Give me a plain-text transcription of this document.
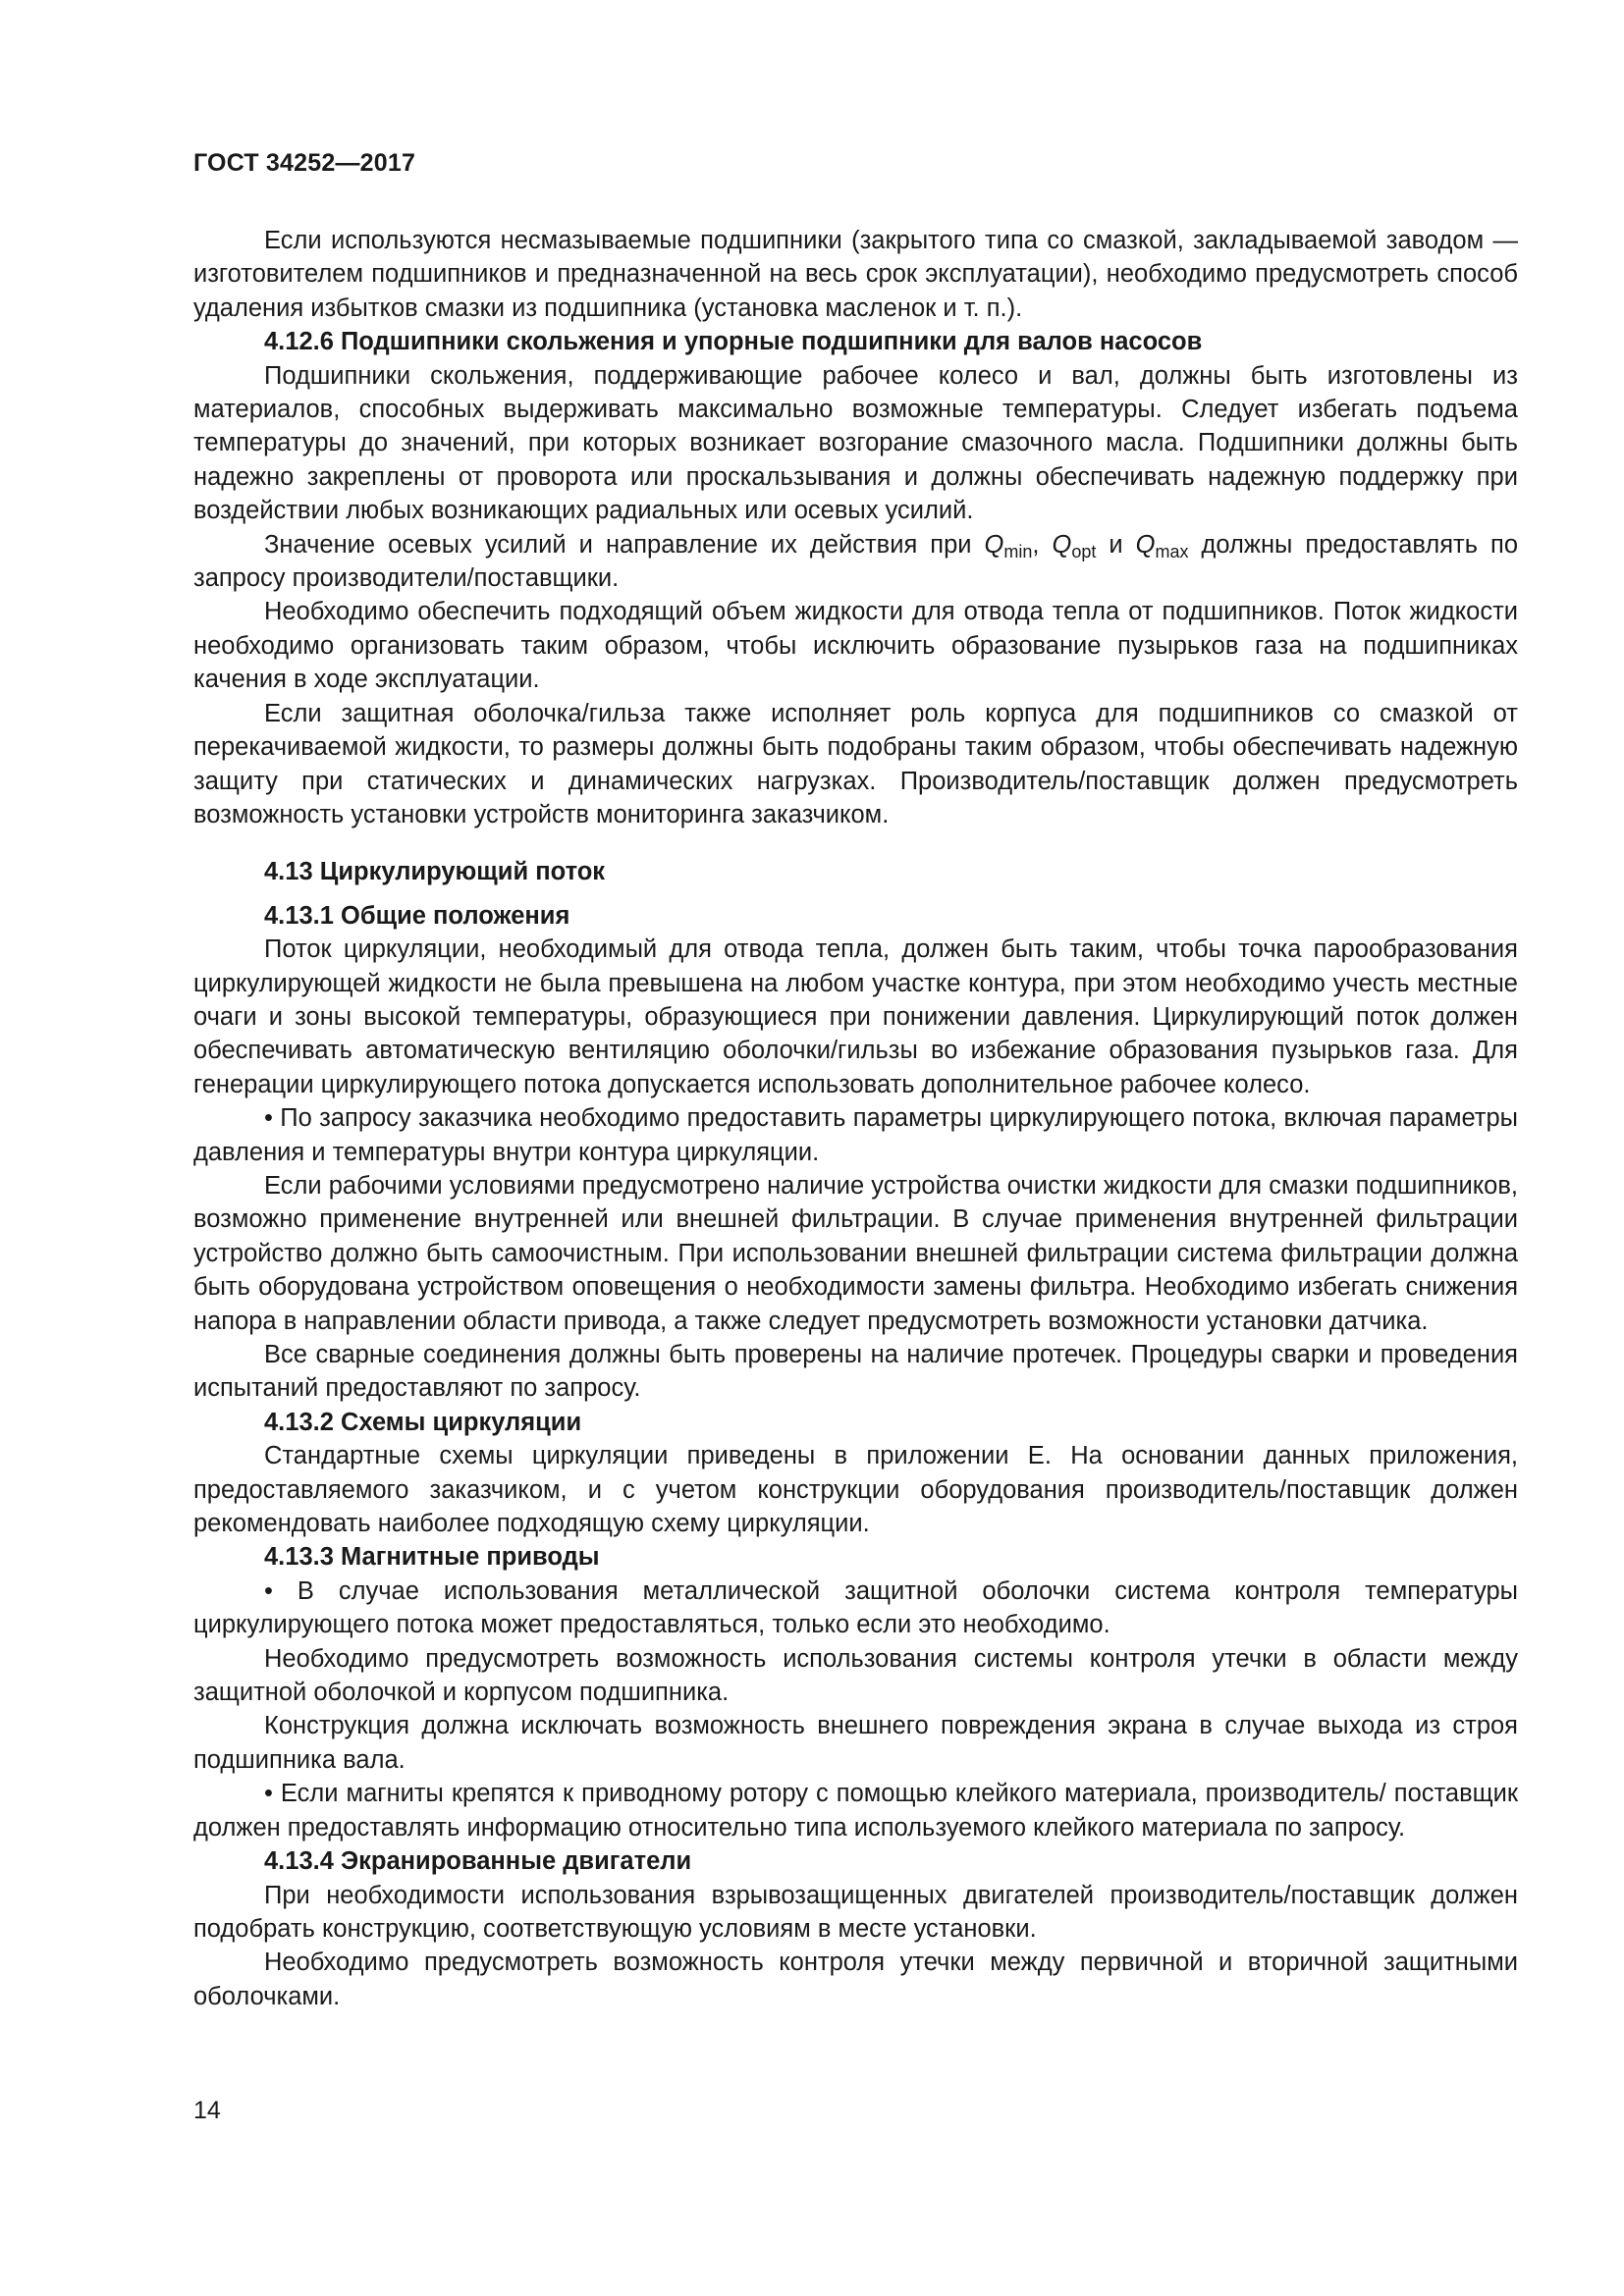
ГОСТ 34252—2017

Если используются несмазываемые подшипники (закрытого типа со смазкой, закладываемой заводом — изготовителем подшипников и предназначенной на весь срок эксплуатации), необходимо предусмотреть способ удаления избытков смазки из подшипника (установка масленок и т. п.).

4.12.6 Подшипники скольжения и упорные подшипники для валов насосов

Подшипники скольжения, поддерживающие рабочее колесо и вал, должны быть изготовлены из материалов, способных выдерживать максимально возможные температуры. Следует избегать подъема температуры до значений, при которых возникает возгорание смазочного масла. Подшипники должны быть надежно закреплены от проворота или проскальзывания и должны обеспечивать надежную поддержку при воздействии любых возникающих радиальных или осевых усилий.

Значение осевых усилий и направление их действия при $Q_{min}$, $Q_{opt}$ и $Q_{max}$ должны предоставлять по запросу производители/поставщики.

Необходимо обеспечить подходящий объем жидкости для отвода тепла от подшипников. Поток жидкости необходимо организовать таким образом, чтобы исключить образование пузырьков газа на подшипниках качения в ходе эксплуатации.

Если защитная оболочка/гильза также исполняет роль корпуса для подшипников со смазкой от перекачиваемой жидкости, то размеры должны быть подобраны таким образом, чтобы обеспечивать надежную защиту при статических и динамических нагрузках. Производитель/поставщик должен предусмотреть возможность установки устройств мониторинга заказчиком.

4.13 Циркулирующий поток
4.13.1 Общие положения

Поток циркуляции, необходимый для отвода тепла, должен быть таким, чтобы точка парообразования циркулирующей жидкости не была превышена на любом участке контура, при этом необходимо учесть местные очаги и зоны высокой температуры, образующиеся при понижении давления. Циркулирующий поток должен обеспечивать автоматическую вентиляцию оболочки/гильзы во избежание образования пузырьков газа. Для генерации циркулирующего потока допускается использовать дополнительное рабочее колесо.

• По запросу заказчика необходимо предоставить параметры циркулирующего потока, включая параметры давления и температуры внутри контура циркуляции.

Если рабочими условиями предусмотрено наличие устройства очистки жидкости для смазки подшипников, возможно применение внутренней или внешней фильтрации. В случае применения внутренней фильтрации устройство должно быть самоочистным. При использовании внешней фильтрации система фильтрации должна быть оборудована устройством оповещения о необходимости замены фильтра. Необходимо избегать снижения напора в направлении области привода, а также следует предусмотреть возможности установки датчика.

Все сварные соединения должны быть проверены на наличие протечек. Процедуры сварки и проведения испытаний предоставляют по запросу.

4.13.2 Схемы циркуляции

Стандартные схемы циркуляции приведены в приложении Е. На основании данных приложения, предоставляемого заказчиком, и с учетом конструкции оборудования производитель/поставщик должен рекомендовать наиболее подходящую схему циркуляции.

4.13.3 Магнитные приводы

• В случае использования металлической защитной оболочки система контроля температуры циркулирующего потока может предоставляться, только если это необходимо.

Необходимо предусмотреть возможность использования системы контроля утечки в области между защитной оболочкой и корпусом подшипника.

Конструкция должна исключать возможность внешнего повреждения экрана в случае выхода из строя подшипника вала.

• Если магниты крепятся к приводному ротору с помощью клейкого материала, производитель/ поставщик должен предоставлять информацию относительно типа используемого клейкого материала по запросу.

4.13.4 Экранированные двигатели

При необходимости использования взрывозащищенных двигателей производитель/поставщик должен подобрать конструкцию, соответствующую условиям в месте установки.

Необходимо предусмотреть возможность контроля утечки между первичной и вторичной защитными оболочками.

14
